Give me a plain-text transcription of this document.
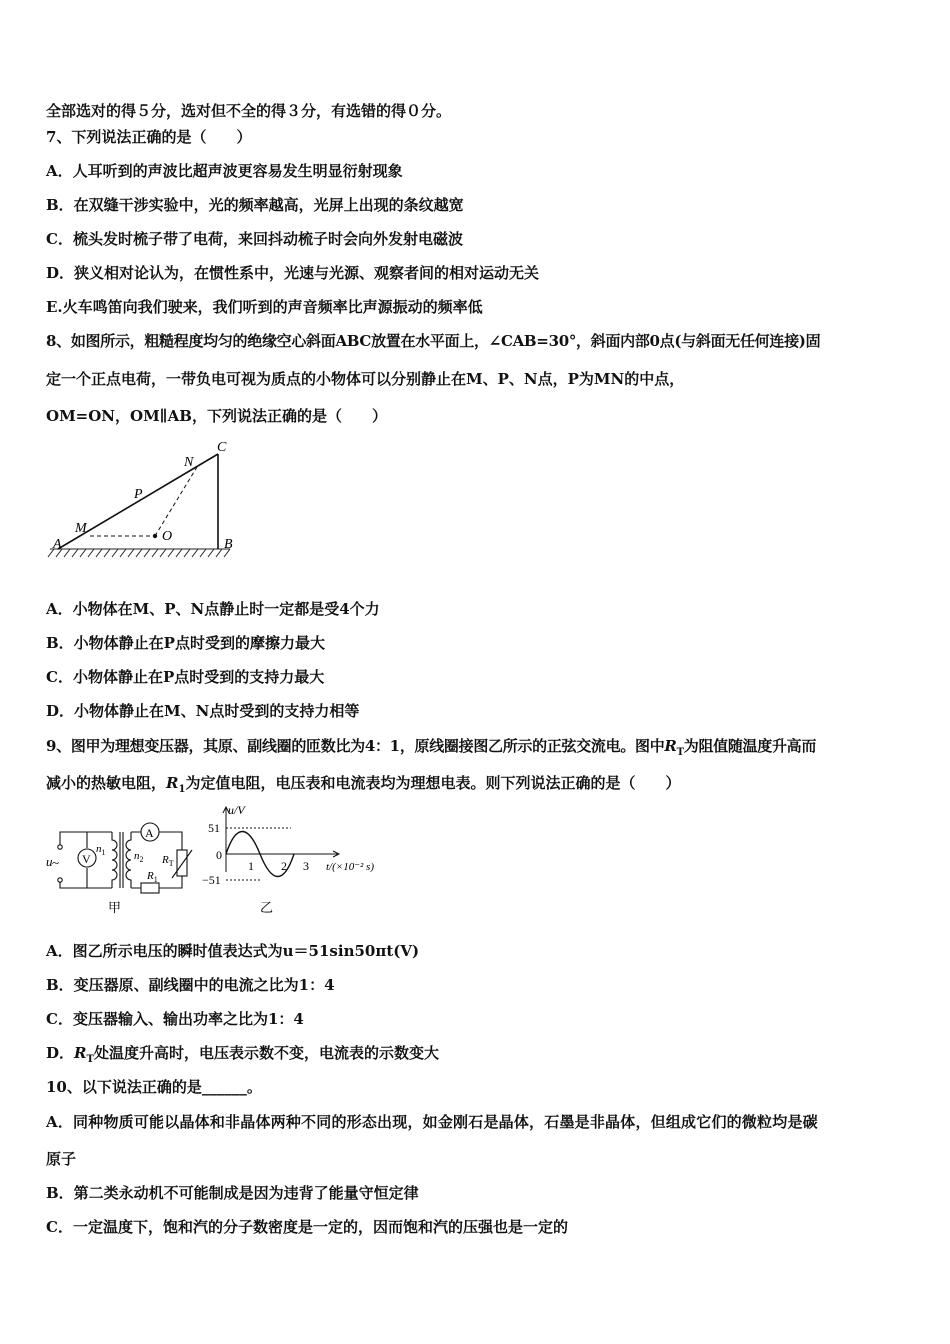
全部选对的得５分，选对但不全的得３分，有选错的得０分。
7、下列说法正确的是（　　）
A．人耳听到的声波比超声波更容易发生明显衍射现象
B．在双缝干涉实验中，光的频率越高，光屏上出现的条纹越宽
C．梳头发时梳子带了电荷，来回抖动梳子时会向外发射电磁波
D．狭义相对论认为，在惯性系中，光速与光源、观察者间的相对运动无关
E.火车鸣笛向我们驶来，我们听到的声音频率比声源振动的频率低
8、如图所示，粗糙程度均匀的绝缘空心斜面ABC放置在水平面上，∠CAB=30°，斜面内部0点(与斜面无任何连接)固
定一个正点电荷，一带负电可视为质点的小物体可以分别静止在M、P、N点，P为MN的中点，
OM=ON，OM∥AB，下列说法正确的是（　　）
A	B
C
M
P
N
O
A．小物体在M、P、N点静止时一定都是受4个力
B．小物体静止在P点时受到的摩擦力最大
C．小物体静止在P点时受到的支持力最大
D．小物体静止在M、N点时受到的支持力相等
9、图甲为理想变压器，其原、副线圈的匝数比为4：1，原线圈接图乙所示的正弦交流电。图中$R_T$为阻值随温度升高而
减小的热敏电阻，$R_1$为定值电阻，电压表和电流表均为理想电表。则下列说法正确的是（　　）
u ~ V
A
$n_1$	$n_2$
$R_1$
$R_T$
甲
u/V
51
0
−51
1 2 3 t/(×10⁻² s)
乙
A．图乙所示电压的瞬时值表达式为u＝51sin50πt(V)
B．变压器原、副线圈中的电流之比为1：4
C．变压器输入、输出功率之比为1：4
D．$R_T$处温度升高时，电压表示数不变，电流表的示数变大
10、以下说法正确的是______。
A．同种物质可能以晶体和非晶体两种不同的形态出现，如金刚石是晶体，石墨是非晶体，但组成它们的微粒均是碳
原子
B．第二类永动机不可能制成是因为违背了能量守恒定律
C．一定温度下，饱和汽的分子数密度是一定的，因而饱和汽的压强也是一定的
